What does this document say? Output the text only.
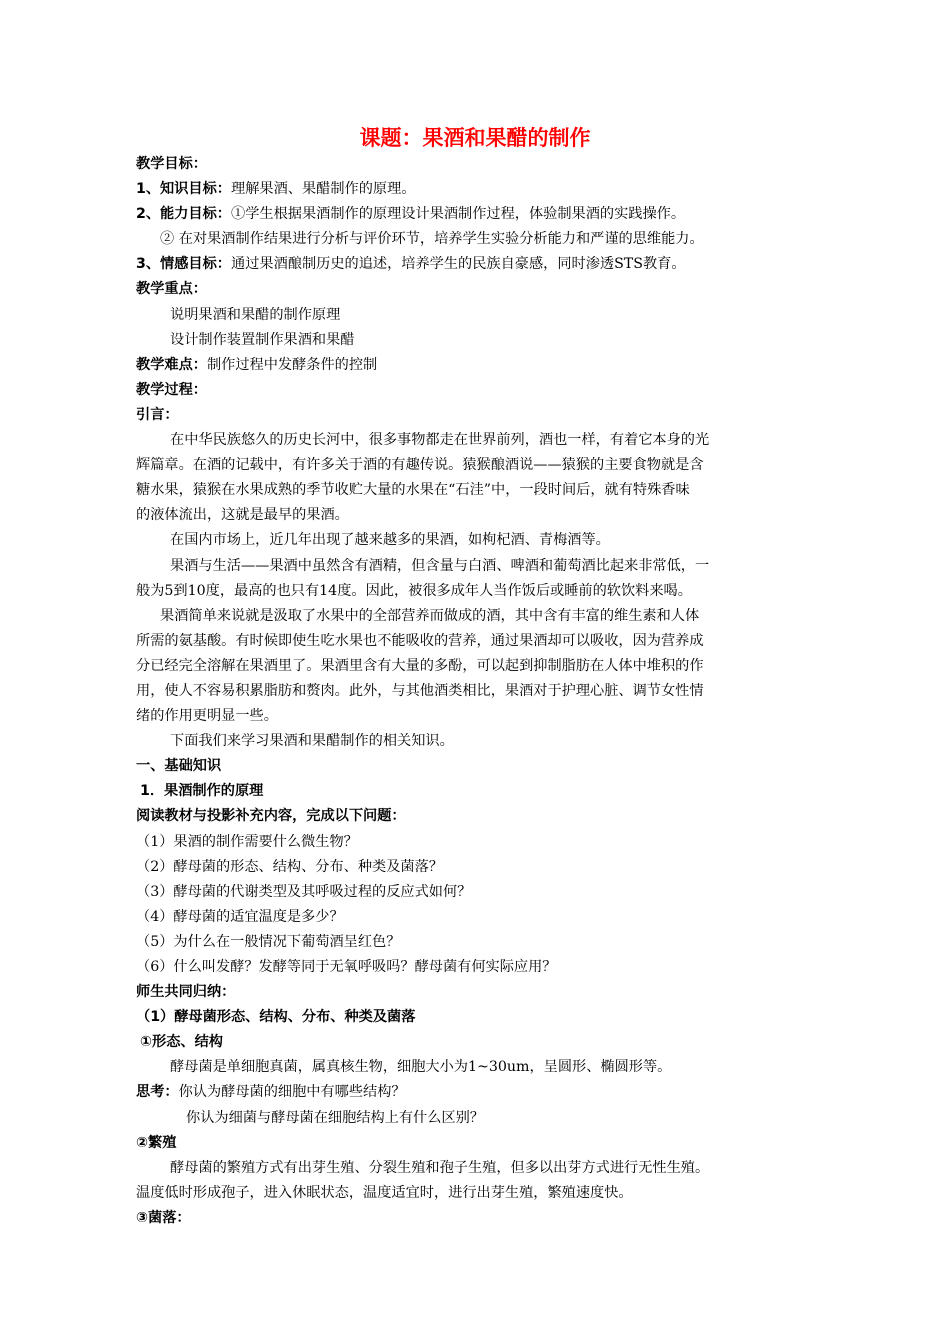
课题：果酒和果醋的制作

教学目标：

1、知识目标：理解果酒、果醋制作的原理。

2、能力目标：①学生根据果酒制作的原理设计果酒制作过程，体验制果酒的实践操作。

② 在对果酒制作结果进行分析与评价环节，培养学生实验分析能力和严谨的思维能力。

3、情感目标：通过果酒酿制历史的追述，培养学生的民族自豪感，同时渗透STS教育。

教学重点：

说明果酒和果醋的制作原理

设计制作装置制作果酒和果醋

教学难点：制作过程中发酵条件的控制

教学过程：

引言：

在中华民族悠久的历史长河中，很多事物都走在世界前列，酒也一样，有着它本身的光

辉篇章。在酒的记载中，有许多关于酒的有趣传说。猿猴酿酒说——猿猴的主要食物就是含

糖水果，猿猴在水果成熟的季节收贮大量的水果在“石洼”中，一段时间后，就有特殊香味

的液体流出，这就是最早的果酒。

在国内市场上，近几年出现了越来越多的果酒，如枸杞酒、青梅酒等。

果酒与生活——果酒中虽然含有酒精，但含量与白酒、啤酒和葡萄酒比起来非常低，一

般为5到10度，最高的也只有14度。因此，被很多成年人当作饭后或睡前的软饮料来喝。

果酒简单来说就是汲取了水果中的全部营养而做成的酒，其中含有丰富的维生素和人体

所需的氨基酸。有时候即使生吃水果也不能吸收的营养，通过果酒却可以吸收，因为营养成

分已经完全溶解在果酒里了。果酒里含有大量的多酚，可以起到抑制脂肪在人体中堆积的作

用，使人不容易积累脂肪和赘肉。此外，与其他酒类相比，果酒对于护理心脏、调节女性情

绪的作用更明显一些。

下面我们来学习果酒和果醋制作的相关知识。

一、基础知识

1．果酒制作的原理

阅读教材与投影补充内容，完成以下问题：

（1）果酒的制作需要什么微生物？

（2）酵母菌的形态、结构、分布、种类及菌落？

（3）酵母菌的代谢类型及其呼吸过程的反应式如何？

（4）酵母菌的适宜温度是多少？

（5）为什么在一般情况下葡萄酒呈红色？

（6）什么叫发酵？发酵等同于无氧呼吸吗？酵母菌有何实际应用？

师生共同归纳：

（1）酵母菌形态、结构、分布、种类及菌落

①形态、结构

酵母菌是单细胞真菌，属真核生物，细胞大小为1~30um，呈圆形、椭圆形等。

思考：你认为酵母菌的细胞中有哪些结构？

你认为细菌与酵母菌在细胞结构上有什么区别？

②繁殖

酵母菌的繁殖方式有出芽生殖、分裂生殖和孢子生殖，但多以出芽方式进行无性生殖。

温度低时形成孢子，进入休眠状态，温度适宜时，进行出芽生殖，繁殖速度快。

③菌落：
